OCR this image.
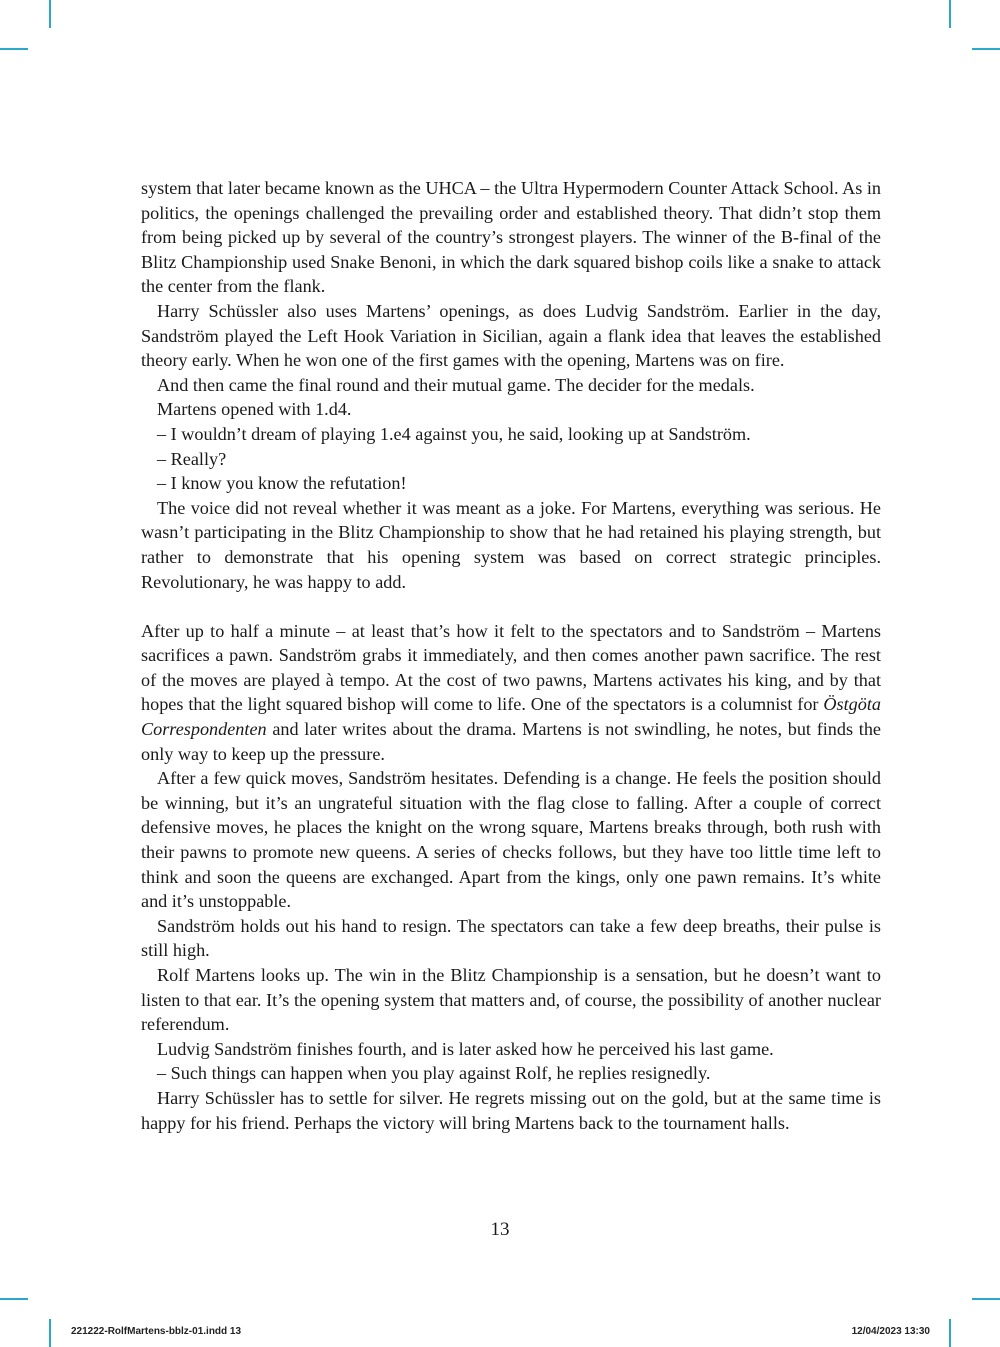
system that later became known as the UHCA – the Ultra Hypermodern Counter Attack School. As in politics, the openings challenged the prevailing order and established theory. That didn’t stop them from being picked up by several of the country’s strongest players. The winner of the B-final of the Blitz Championship used Snake Benoni, in which the dark squared bishop coils like a snake to attack the center from the flank.

Harry Schüssler also uses Martens’ openings, as does Ludvig Sandström. Earlier in the day, Sandström played the Left Hook Variation in Sicilian, again a flank idea that leaves the established theory early. When he won one of the first games with the opening, Martens was on fire.

And then came the final round and their mutual game. The decider for the medals.

Martens opened with 1.d4.

– I wouldn’t dream of playing 1.e4 against you, he said, looking up at Sandström.

– Really?

– I know you know the refutation!

The voice did not reveal whether it was meant as a joke. For Martens, everything was serious. He wasn’t participating in the Blitz Championship to show that he had retained his playing strength, but rather to demonstrate that his opening system was based on correct strategic principles. Revolutionary, he was happy to add.

After up to half a minute – at least that’s how it felt to the spectators and to Sandström – Martens sacrifices a pawn. Sandström grabs it immediately, and then comes another pawn sacrifice. The rest of the moves are played à tempo. At the cost of two pawns, Martens activates his king, and by that hopes that the light squared bishop will come to life. One of the spectators is a columnist for Östgöta Correspondenten and later writes about the drama. Martens is not swindling, he notes, but finds the only way to keep up the pressure.

After a few quick moves, Sandström hesitates. Defending is a change. He feels the position should be winning, but it’s an ungrateful situation with the flag close to falling. After a couple of correct defensive moves, he places the knight on the wrong square, Martens breaks through, both rush with their pawns to promote new queens. A series of checks follows, but they have too little time left to think and soon the queens are exchanged. Apart from the kings, only one pawn remains. It’s white and it’s unstoppable.

Sandström holds out his hand to resign. The spectators can take a few deep breaths, their pulse is still high.

Rolf Martens looks up. The win in the Blitz Championship is a sensation, but he doesn’t want to listen to that ear. It’s the opening system that matters and, of course, the possibility of another nuclear referendum.

Ludvig Sandström finishes fourth, and is later asked how he perceived his last game.

– Such things can happen when you play against Rolf, he replies resignedly.

Harry Schüssler has to settle for silver. He regrets missing out on the gold, but at the same time is happy for his friend. Perhaps the victory will bring Martens back to the tournament halls.

13
221222-RolfMartens-bblz-01.indd 13	12/04/2023 13:30
